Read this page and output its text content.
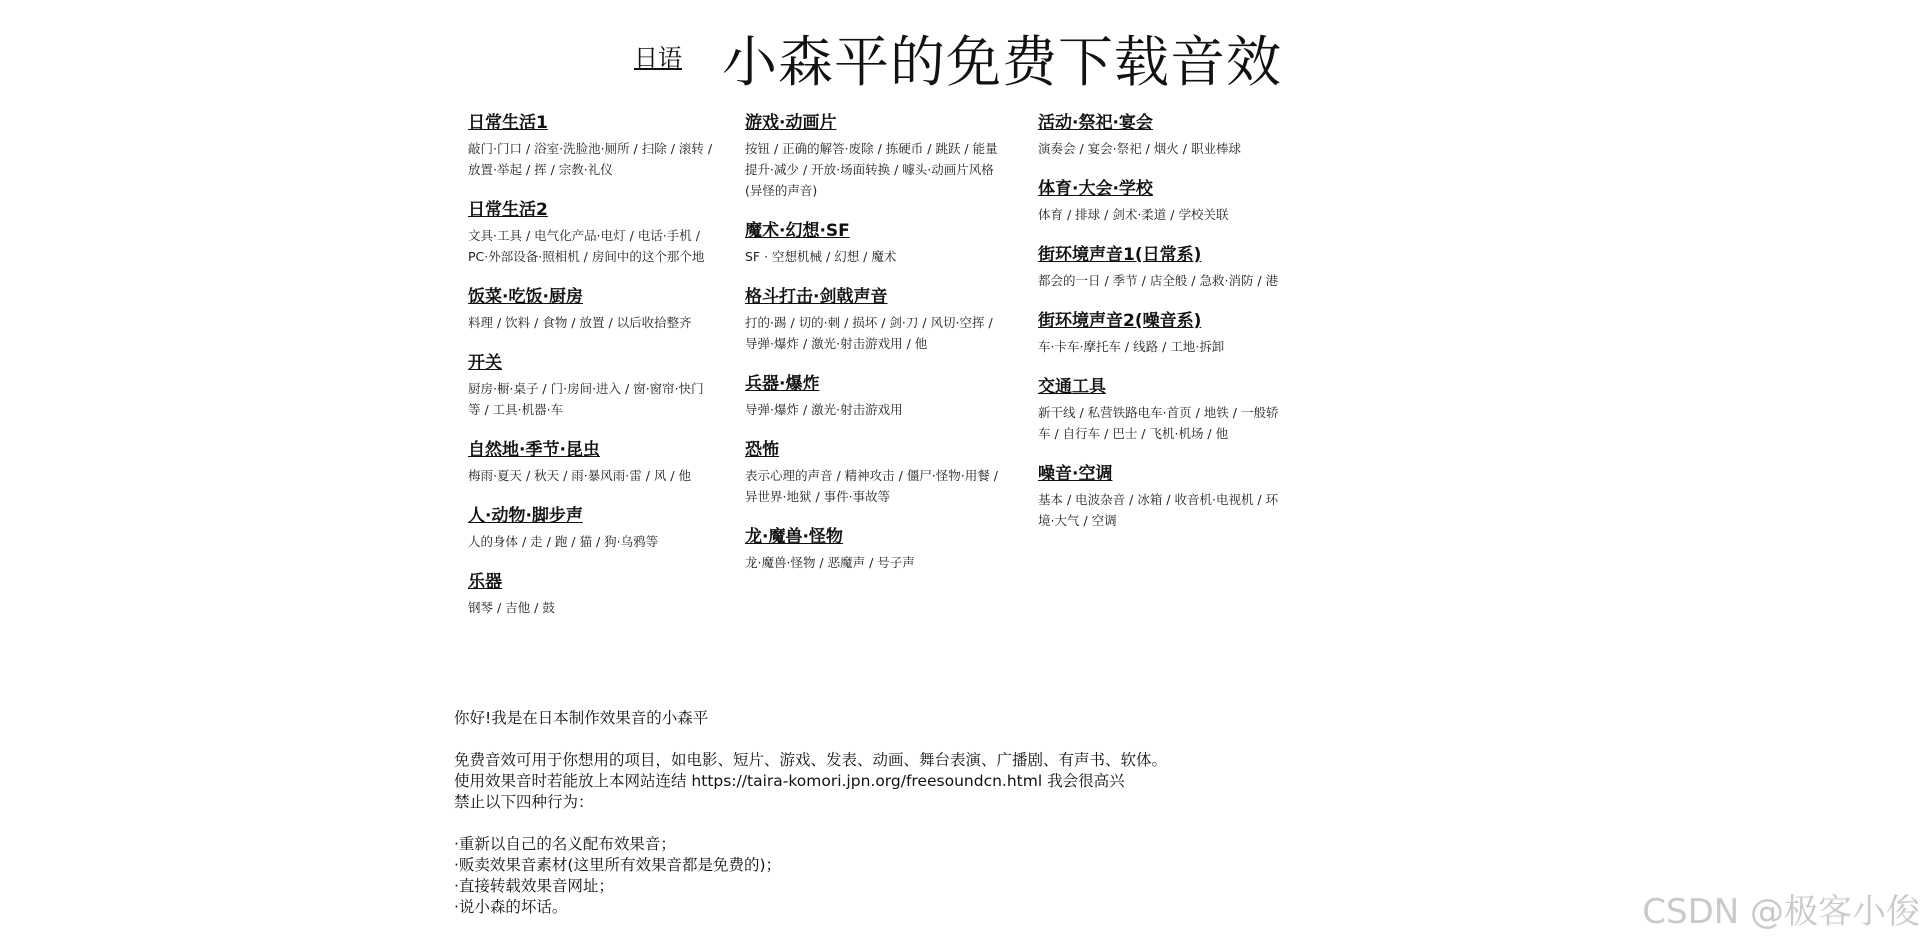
日语 小森平的免费下载音效
日常生活1
敲门·门口 / 浴室·洗脸池·厕所 / 扫除 / 滚转 / 放置·举起 / 挥 / 宗教·礼仪
日常生活2
文具·工具 / 电气化产品·电灯 / 电话·手机 / PC·外部设备·照相机 / 房间中的这个那个地
饭菜·吃饭·厨房
料理 / 饮料 / 食物 / 放置 / 以后收拾整齐
开关
厨房·橱·桌子 / 门·房间·进入 / 窗·窗帘·快门等 / 工具·机器·车
自然地·季节·昆虫
梅雨·夏天 / 秋天 / 雨·暴风雨·雷 / 风 / 他
人·动物·脚步声
人的身体 / 走 / 跑 / 猫 / 狗·乌鸦等
乐器
钢琴 / 吉他 / 鼓
游戏·动画片
按钮 / 正确的解答·废除 / 拣硬币 / 跳跃 / 能量提升·减少 / 开放·场面转换 / 噱头·动画片风格(异怪的声音)
魔术·幻想·SF
SF · 空想机械 / 幻想 / 魔术
格斗打击·剑戟声音
打的·踢 / 切的·刺 / 损坏 / 剑·刀 / 风切·空挥 / 导弹·爆炸 / 激光·射击游戏用 / 他
兵器·爆炸
导弹·爆炸 / 激光·射击游戏用
恐怖
表示心理的声音 / 精神攻击 / 僵尸·怪物·用餐 / 异世界·地狱 / 事件·事故等
龙·魔兽·怪物
龙·魔兽·怪物 / 恶魔声 / 号子声
活动·祭祀·宴会
演奏会 / 宴会·祭祀 / 烟火 / 职业棒球
体育·大会·学校
体育 / 排球 / 剑术·柔道 / 学校关联
街环境声音1(日常系)
都会的一日 / 季节 / 店全般 / 急救·消防 / 港
街环境声音2(噪音系)
车·卡车·摩托车 / 线路 / 工地·拆卸
交通工具
新干线 / 私营铁路电车·首页 / 地铁 / 一般轿车 / 自行车 / 巴士 / 飞机·机场 / 他
噪音·空调
基本 / 电波杂音 / 冰箱 / 收音机·电视机 / 环境·大气 / 空调

你好!我是在日本制作效果音的小森平

免费音效可用于你想用的项目，如电影、短片、游戏、发表、动画、舞台表演、广播剧、有声书、软体。

使用效果音时若能放上本网站连结 https://taira-komori.jpn.org/freesoundcn.html 我会很高兴

禁止以下四种行为：

·重新以自己的名义配布效果音；

·贩卖效果音素材(这里所有效果音都是免费的)；

·直接转载效果音网址；

·说小森的坏话。	CSDN @极客小俊
